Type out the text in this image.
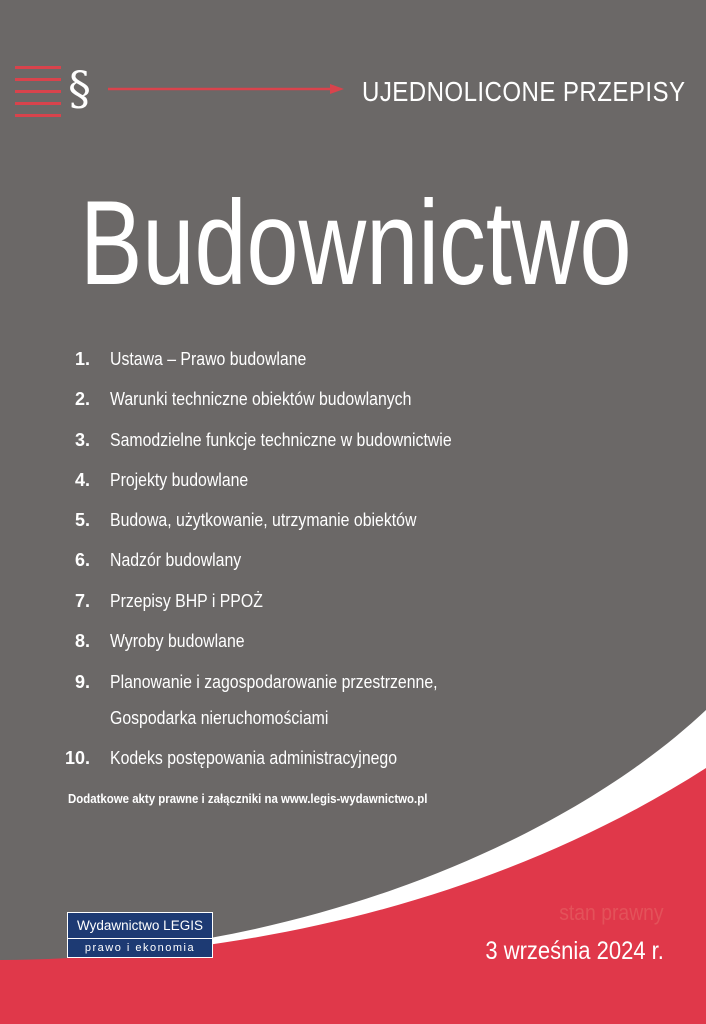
§	UJEDNOLICONE PRZEPISY
Budownictwo
1. Ustawa – Prawo budowlane
2. Warunki techniczne obiektów budowlanych
3. Samodzielne funkcje techniczne w budownictwie
4. Projekty budowlane
5. Budowa, użytkowanie, utrzymanie obiektów
6. Nadzór budowlany
7. Przepisy BHP i PPOŻ
8. Wyroby budowlane
9. Planowanie i zagospodarowanie przestrzenne,
Gospodarka nieruchomościami
10. Kodeks postępowania administracyjnego
Dodatkowe akty prawne i załączniki na www.legis-wydawnictwo.pl
stan prawny
3 września 2024 r.
Wydawnictwo LEGIS
prawo i ekonomia
